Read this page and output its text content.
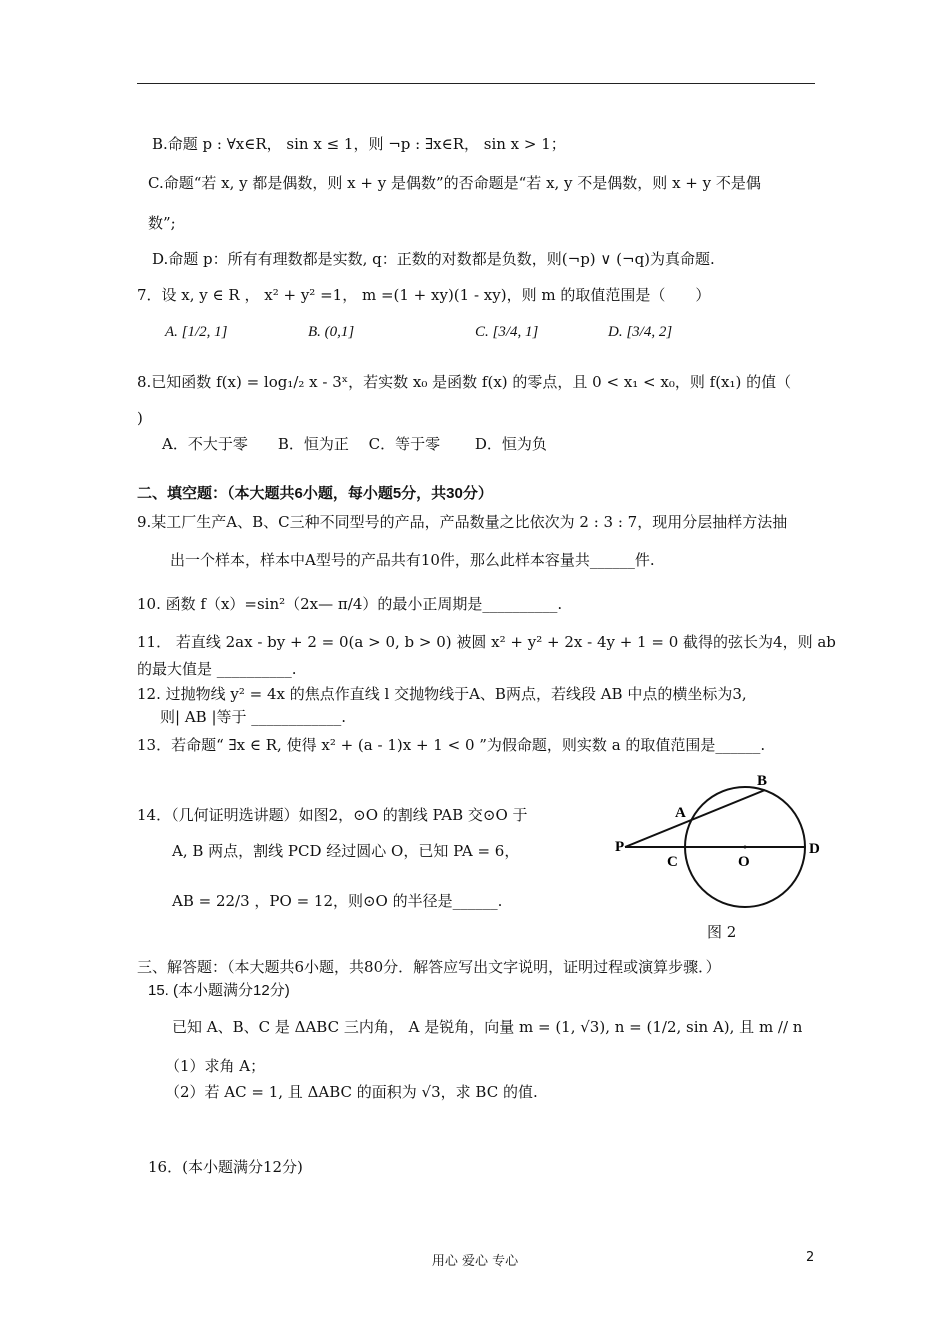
B.命题 p : ∀x∈R， sin x ≤ 1，则 ¬p : ∃x∈R， sin x > 1；
C.命题“若 x, y 都是偶数，则 x + y 是偶数”的否命题是“若 x, y 不是偶数，则 x + y 不是偶
数”;
D.命题 p：所有有理数都是实数, q：正数的对数都是负数，则(¬p) ∨ (¬q)为真命题.
7．设 x, y ∈ R ， x² + y² =1， m =(1 + xy)(1 - xy)，则 m 的取值范围是（　　）
A. [1/2, 1]	B. (0,1]	C. [3/4, 1]	D. [3/4, 2]
8.已知函数 f(x) = log₁/₂ x - 3ˣ，若实数 x₀ 是函数 f(x) 的零点，且 0 < x₁ < x₀，则 f(x₁) 的值（
)
A．不大于零　　B．恒为正　 C．等于零　　 D．恒为负
二、填空题：（本大题共6小题，每小题5分，共30分）
9.某工厂生产A、B、C三种不同型号的产品，产品数量之比依次为 2 : 3 : 7，现用分层抽样方法抽
出一个样本，样本中A型号的产品共有10件，那么此样本容量共______件.
10. 函数 f（x）=sin²（2x— π/4）的最小正周期是__________.
11． 若直线 2ax - by + 2 = 0(a > 0, b > 0) 被圆 x² + y² + 2x - 4y + 1 = 0 截得的弦长为4，则 ab
的最大值是 __________.
12. 过抛物线 y² = 4x 的焦点作直线 l 交抛物线于A、B两点，若线段 AB 中点的横坐标为3,
则| AB |等于 ____________.
13．若命题“ ∃x ∈ R, 使得 x² + (a - 1)x + 1 < 0 ”为假命题，则实数 a 的取值范围是______.
14．（几何证明选讲题）如图2，⊙O 的割线 PAB 交⊙O 于
A, B 两点，割线 PCD 经过圆心 O，已知 PA = 6，
AB = 22/3 ，PO = 12，则⊙O 的半径是______.
P
A
B
C	O
D
图 2
三、解答题：（本大题共6小题，共80分．解答应写出文字说明，证明过程或演算步骤．）
15. (本小题满分12分)
已知 A、B、C 是 ΔABC 三内角， A 是锐角，向量 m = (1, √3), n = (1/2, sin A), 且 m // n
（1）求角 A；
（2）若 AC = 1, 且 ΔABC 的面积为 √3，求 BC 的值.
16．(本小题满分12分)
用心 爱心 专心	2
